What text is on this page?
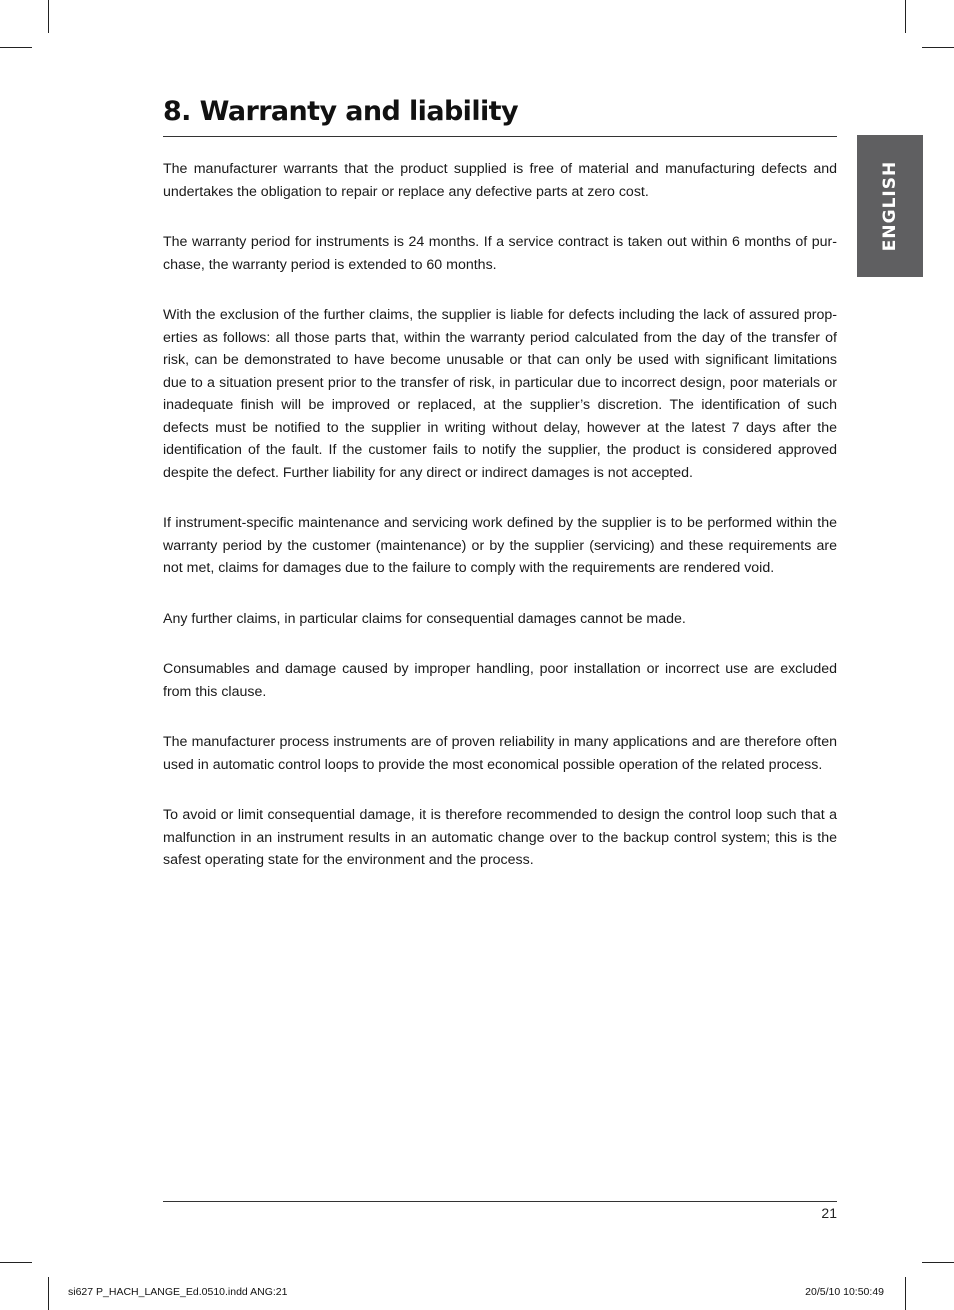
8. Warranty and liability
ENGLISH

The manufacturer warrants that the product supplied is free of material and manufacturing defects and undertakes the obligation to repair or replace any defective parts at zero cost.

The warranty period for instruments is 24 months. If a service contract is taken out within 6 months of pur-chase, the warranty period is extended to 60 months.

With the exclusion of the further claims, the supplier is liable for defects including the lack of assured prop-erties as follows: all those parts that, within the warranty period calculated from the day of the transfer of risk, can be demonstrated to have become unusable or that can only be used with significant limitations due to a situation present prior to the transfer of risk, in particular due to incorrect design, poor materials or inadequate finish will be improved or replaced, at the supplier’s discretion. The identification of such defects must be notified to the supplier in writing without delay, however at the latest 7 days after the identification of the fault. If the customer fails to notify the supplier, the product is considered approved despite the defect. Further liability for any direct or indirect damages is not accepted.

If instrument-specific maintenance and servicing work defined by the supplier is to be performed within the warranty period by the customer (maintenance) or by the supplier (servicing) and these requirements are not met, claims for damages due to the failure to comply with the requirements are rendered void.

Any further claims, in particular claims for consequential damages cannot be made.

Consumables and damage caused by improper handling, poor installation or incorrect use are excluded from this clause.

The manufacturer process instruments are of proven reliability in many applications and are therefore often used in automatic control loops to provide the most economical possible operation of the related process.

To avoid or limit consequential damage, it is therefore recommended to design the control loop such that a malfunction in an instrument results in an automatic change over to the backup control system; this is the safest operating state for the environment and the process.

21
si627 P_HACH_LANGE_Ed.0510.indd ANG:21	20/5/10 10:50:49
